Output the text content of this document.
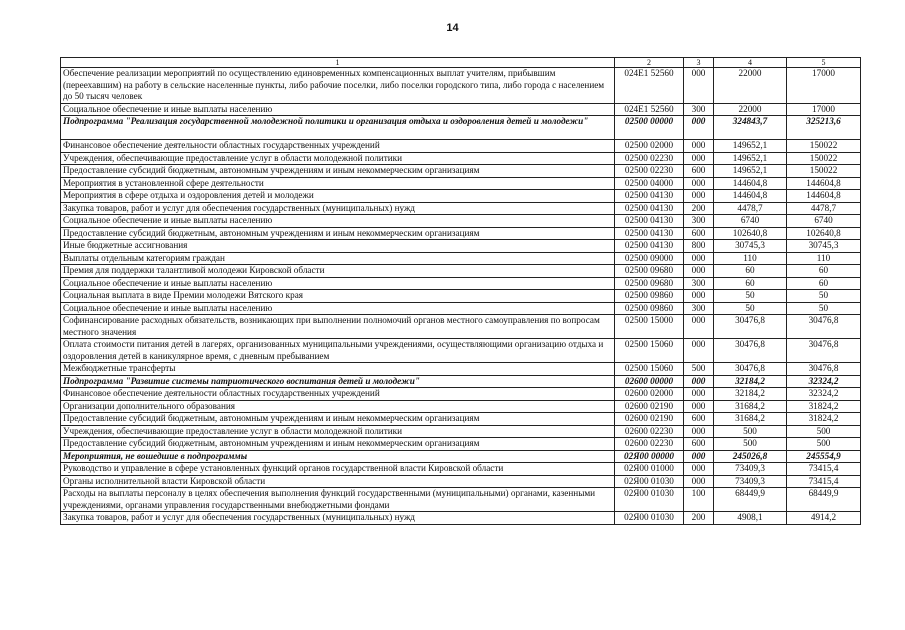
14
1	2	3	4	5
Обеспечение реализации мероприятий по осуществлению единовременных компенсационных выплат учителям, прибывшим (переехавшим) на работу в сельские населенные пункты, либо рабочие поселки, либо поселки городского типа, либо города с населением до 50 тысяч человек	024Е1 52560	000	22000	17000
Социальное обеспечение и иные выплаты населению	024Е1 52560	300	22000	17000
Подпрограмма "Реализация государственной молодежной политики и организация отдыха и оздоровления детей и молодежи"	02500 00000	000	324843,7	325213,6
Финансовое обеспечение деятельности областных государственных учреждений	02500 02000	000	149652,1	150022
Учреждения, обеспечивающие предоставление услуг в области молодежной политики	02500 02230	000	149652,1	150022
Предоставление субсидий бюджетным, автономным учреждениям и иным некоммерческим организациям	02500 02230	600	149652,1	150022
Мероприятия в установленной сфере деятельности	02500 04000	000	144604,8	144604,8
Мероприятия в сфере отдыха и оздоровления детей и молодежи	02500 04130	000	144604,8	144604,8
Закупка товаров, работ и услуг для обеспечения государственных (муниципальных) нужд	02500 04130	200	4478,7	4478,7
Социальное обеспечение и иные выплаты населению	02500 04130	300	6740	6740
Предоставление субсидий бюджетным, автономным учреждениям и иным некоммерческим организациям	02500 04130	600	102640,8	102640,8
Иные бюджетные ассигнования	02500 04130	800	30745,3	30745,3
Выплаты отдельным категориям граждан	02500 09000	000	110	110
Премия для поддержки талантливой молодежи Кировской области	02500 09680	000	60	60
Социальное обеспечение и иные выплаты населению	02500 09680	300	60	60
Социальная выплата в виде Премии молодежи Вятского края	02500 09860	000	50	50
Социальное обеспечение и иные выплаты населению	02500 09860	300	50	50
Софинансирование расходных обязательств, возникающих при выполнении полномочий органов местного самоуправления по вопросам местного значения	02500 15000	000	30476,8	30476,8
Оплата стоимости питания детей в лагерях, организованных муниципальными учреждениями, осуществляющими организацию отдыха и оздоровления детей в каникулярное время, с дневным пребыванием	02500 15060	000	30476,8	30476,8
Межбюджетные трансферты	02500 15060	500	30476,8	30476,8
Подпрограмма "Развитие системы патриотического воспитания детей и молодежи"	02600 00000	000	32184,2	32324,2
Финансовое обеспечение деятельности областных государственных учреждений	02600 02000	000	32184,2	32324,2
Организации дополнительного образования	02600 02190	000	31684,2	31824,2
Предоставление субсидий бюджетным, автономным учреждениям и иным некоммерческим организациям	02600 02190	600	31684,2	31824,2
Учреждения, обеспечивающие предоставление услуг в области молодежной политики	02600 02230	000	500	500
Предоставление субсидий бюджетным, автономным учреждениям и иным некоммерческим организациям	02600 02230	600	500	500
Мероприятия, не вошедшие в подпрограммы	02Я00 00000	000	245026,8	245554,9
Руководство и управление в сфере установленных функций органов государственной власти Кировской области	02Я00 01000	000	73409,3	73415,4
Органы исполнительной власти Кировской области	02Я00 01030	000	73409,3	73415,4
Расходы на выплаты персоналу в целях обеспечения выполнения функций государственными (муниципальными) органами, казенными учреждениями, органами управления государственными внебюджетными фондами	02Я00 01030	100	68449,9	68449,9
Закупка товаров, работ и услуг для обеспечения государственных (муниципальных) нужд	02Я00 01030	200	4908,1	4914,2
